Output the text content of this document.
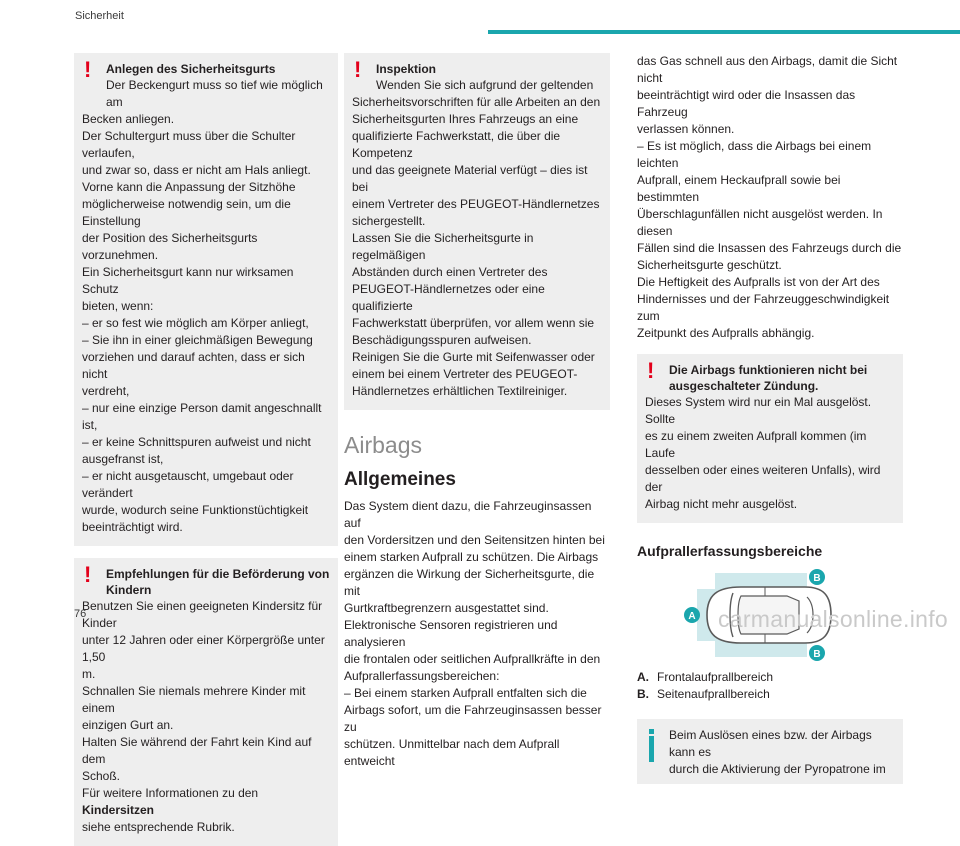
Sicherheit
!	Anlegen des Sicherheitsgurts
Der Beckengurt muss so tief wie möglich am
Becken anliegen.
Der Schultergurt muss über die Schulter verlaufen,
und zwar so, dass er nicht am Hals anliegt.
Vorne kann die Anpassung der Sitzhöhe
möglicherweise notwendig sein, um die Einstellung
der Position des Sicherheitsgurts vorzunehmen.
Ein Sicherheitsgurt kann nur wirksamen Schutz
bieten, wenn:
– er so fest wie möglich am Körper anliegt,
– Sie ihn in einer gleichmäßigen Bewegung
vorziehen und darauf achten, dass er sich nicht
verdreht,
– nur eine einzige Person damit angeschnallt ist,
– er keine Schnittspuren aufweist und nicht
ausgefranst ist,
– er nicht ausgetauscht, umgebaut oder verändert
wurde, wodurch seine Funktionstüchtigkeit
beeinträchtigt wird.
!	Empfehlungen für die Beförderung von Kindern
Benutzen Sie einen geeigneten Kindersitz für Kinder
unter 12 Jahren oder einer Körpergröße unter 1,50
m.
Schnallen Sie niemals mehrere Kinder mit einem
einzigen Gurt an.
Halten Sie während der Fahrt kein Kind auf dem
Schoß.
Für weitere Informationen zu den Kindersitzen
siehe entsprechende Rubrik.
!	Inspektion
Wenden Sie sich aufgrund der geltenden
Sicherheitsvorschriften für alle Arbeiten an den
Sicherheitsgurten Ihres Fahrzeugs an eine
qualifizierte Fachwerkstatt, die über die Kompetenz
und das geeignete Material verfügt – dies ist bei
einem Vertreter des PEUGEOT-Händlernetzes
sichergestellt.
Lassen Sie die Sicherheitsgurte in regelmäßigen
Abständen durch einen Vertreter des
PEUGEOT-Händlernetzes oder eine qualifizierte
Fachwerkstatt überprüfen, vor allem wenn sie
Beschädigungsspuren aufweisen.
Reinigen Sie die Gurte mit Seifenwasser oder
einem bei einem Vertreter des PEUGEOT-
Händlernetzes erhältlichen Textilreiniger.
Airbags
Allgemeines
Das System dient dazu, die Fahrzeuginsassen auf
den Vordersitzen und den Seitensitzen hinten bei
einem starken Aufprall zu schützen. Die Airbags
ergänzen die Wirkung der Sicherheitsgurte, die mit
Gurtkraftbegrenzern ausgestattet sind.
Elektronische Sensoren registrieren und analysieren
die frontalen oder seitlichen Aufprallkräfte in den
Aufprallerfassungsbereichen:
– Bei einem starken Aufprall entfalten sich die
Airbags sofort, um die Fahrzeuginsassen besser zu
schützen. Unmittelbar nach dem Aufprall entweicht
das Gas schnell aus den Airbags, damit die Sicht nicht
beeinträchtigt wird oder die Insassen das Fahrzeug
verlassen können.
– Es ist möglich, dass die Airbags bei einem leichten
Aufprall, einem Heckaufprall sowie bei bestimmten
Überschlagunfällen nicht ausgelöst werden. In diesen
Fällen sind die Insassen des Fahrzeugs durch die
Sicherheitsgurte geschützt.
Die Heftigkeit des Aufpralls ist von der Art des
Hindernisses und der Fahrzeuggeschwindigkeit zum
Zeitpunkt des Aufpralls abhängig.
!	Die Airbags funktionieren nicht bei ausgeschalteter Zündung.
Dieses System wird nur ein Mal ausgelöst. Sollte
es zu einem zweiten Aufprall kommen (im Laufe
desselben oder eines weiteren Unfalls), wird der
Airbag nicht mehr ausgelöst.
Aufprallerfassungsbereiche
A
B
B
A. Frontalaufprallbereich
B. Seitenaufprallbereich
Beim Auslösen eines bzw. der Airbags kann es
durch die Aktivierung der Pyropatrone im
76	carmanualsonline.info
